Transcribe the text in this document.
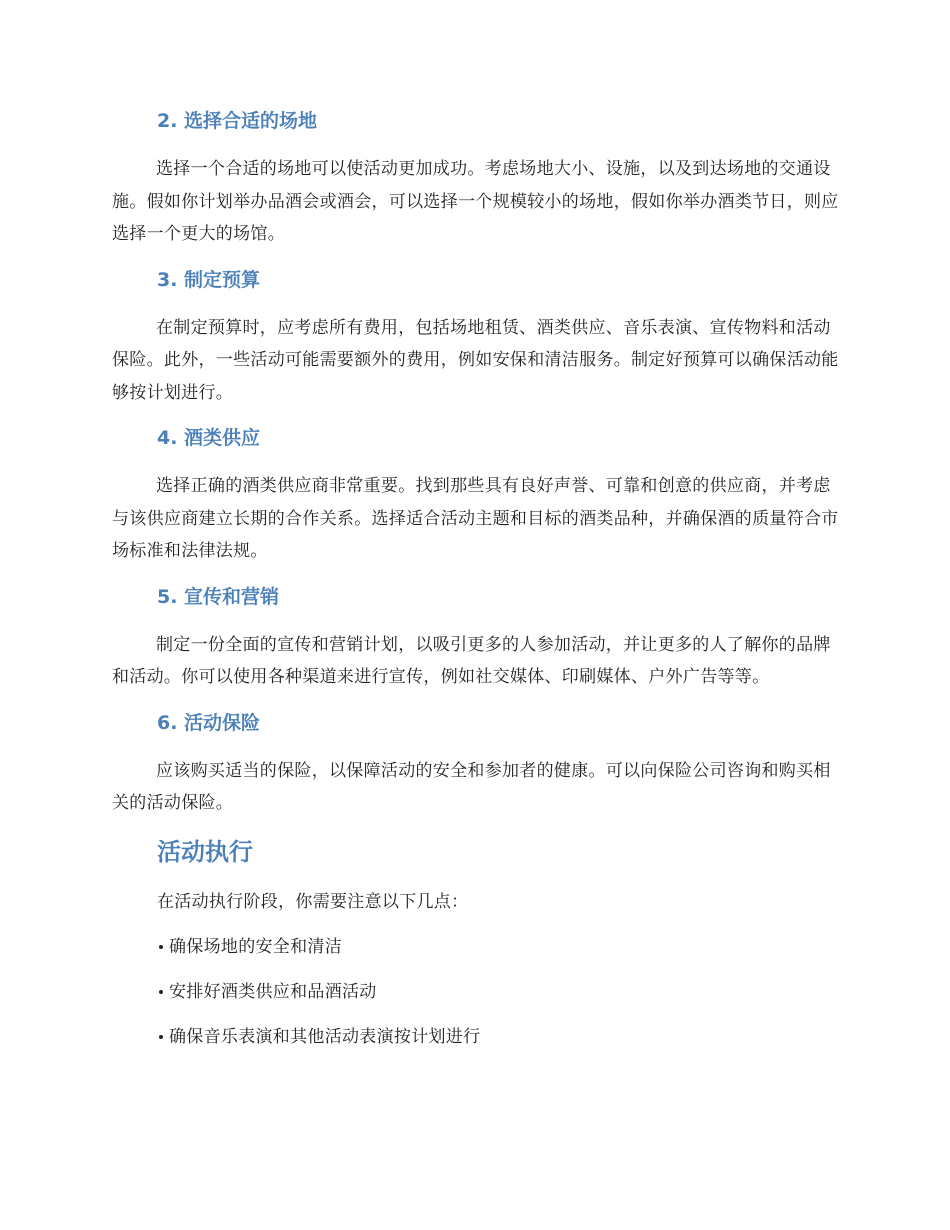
2. 选择合适的场地

选择一个合适的场地可以使活动更加成功。考虑场地大小、设施，以及到达场地的交通设施。假如你计划举办品酒会或酒会，可以选择一个规模较小的场地，假如你举办酒类节日，则应选择一个更大的场馆。

3. 制定预算

在制定预算时，应考虑所有费用，包括场地租赁、酒类供应、音乐表演、宣传物料和活动保险。此外，一些活动可能需要额外的费用，例如安保和清洁服务。制定好预算可以确保活动能够按计划进行。

4. 酒类供应

选择正确的酒类供应商非常重要。找到那些具有良好声誉、可靠和创意的供应商，并考虑与该供应商建立长期的合作关系。选择适合活动主题和目标的酒类品种，并确保酒的质量符合市场标准和法律法规。

5. 宣传和营销

制定一份全面的宣传和营销计划，以吸引更多的人参加活动，并让更多的人了解你的品牌和活动。你可以使用各种渠道来进行宣传，例如社交媒体、印刷媒体、户外广告等等。

6. 活动保险

应该购买适当的保险，以保障活动的安全和参加者的健康。可以向保险公司咨询和购买相关的活动保险。

活动执行

在活动执行阶段，你需要注意以下几点：

确保场地的安全和清洁
安排好酒类供应和品酒活动
确保音乐表演和其他活动表演按计划进行
